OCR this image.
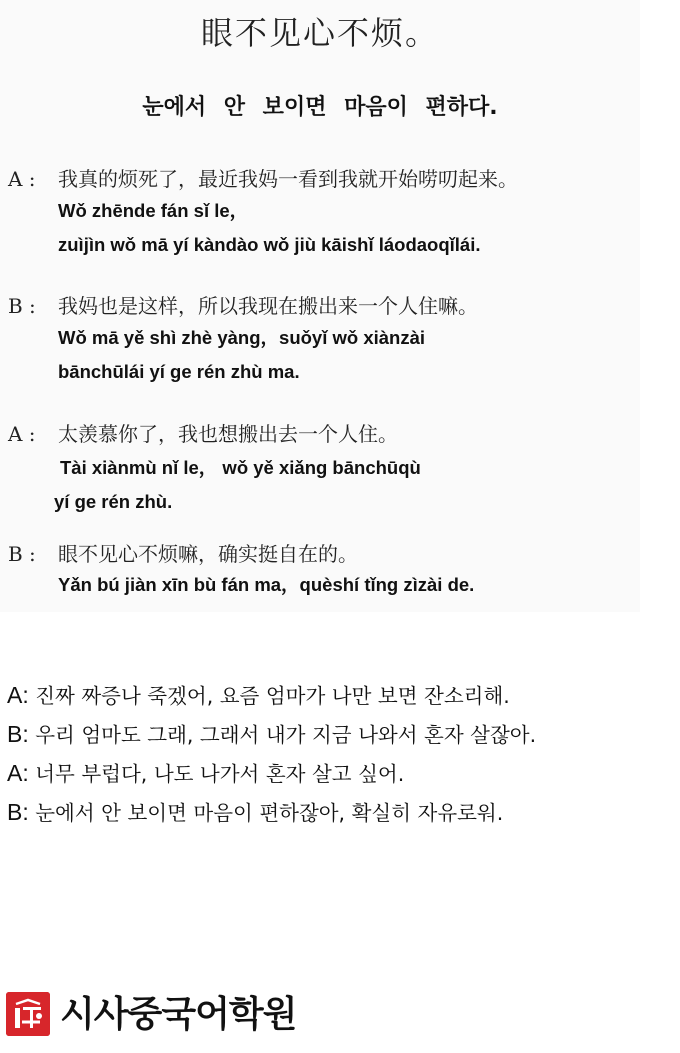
眼不见心不烦。
눈에서 안 보이면 마음이 편하다.
A : 我真的烦死了，最近我妈一看到我就开始唠叨起来。
Wǒ zhēnde fán sǐ le，
zuìjìn wǒ mā yí kàndào wǒ jiù kāishǐ láodaoqǐlái.
B : 我妈也是这样，所以我现在搬出来一个人住嘛。
Wǒ mā yě shì zhè yàng，suǒyǐ wǒ xiànzài
bānchūlái yí ge rén zhù ma.
A : 太羡慕你了，我也想搬出去一个人住。
Tài xiànmù nǐ le， wǒ yě xiǎng bānchūqù
yí ge rén zhù.
B : 眼不见心不烦嘛，确实挺自在的。
Yǎn bú jiàn xīn bù fán ma，quèshí tǐng zìzài de.
A: 진짜 짜증나 죽겠어, 요즘 엄마가 나만 보면 잔소리해.
B: 우리 엄마도 그래, 그래서 내가 지금 나와서 혼자 살잖아.
A: 너무 부럽다, 나도 나가서 혼자 살고 싶어.
B: 눈에서 안 보이면 마음이 편하잖아, 확실히 자유로워.
시사중국어학원
